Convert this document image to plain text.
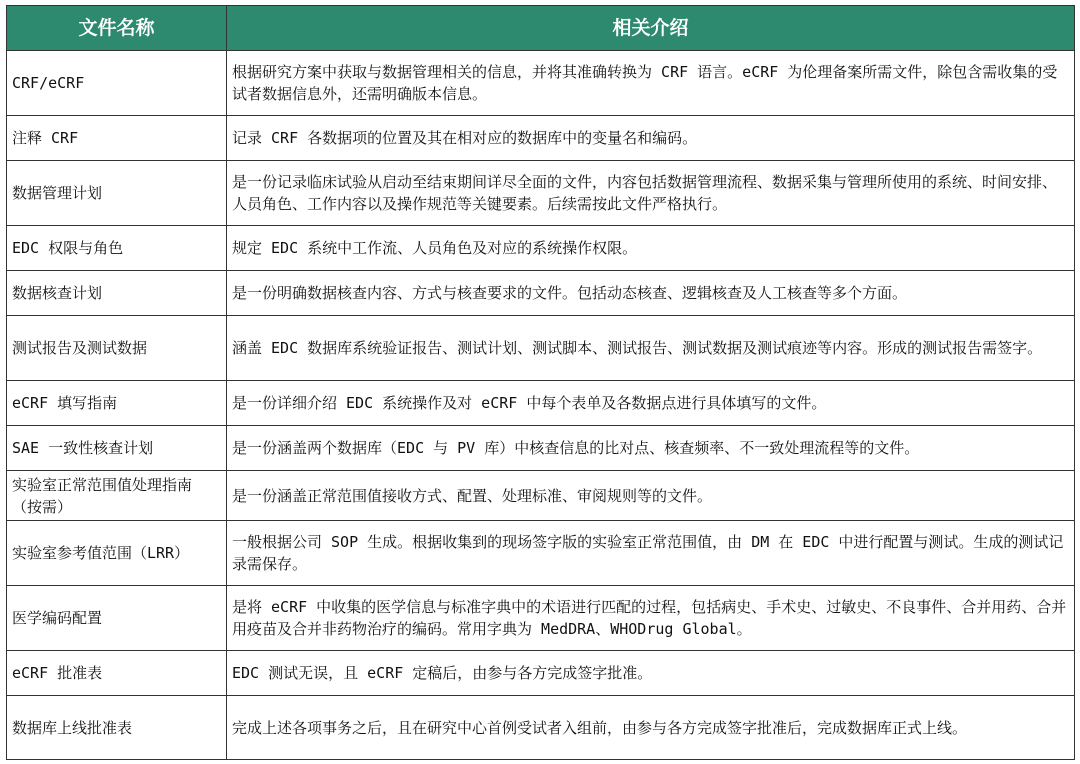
文件名称	相关介绍
CRF/eCRF	根据研究方案中获取与数据管理相关的信息，并将其准确转换为 CRF 语言。eCRF 为伦理备案所需文件，除包含需收集的受试者数据信息外，还需明确版本信息。
注释 CRF	记录 CRF 各数据项的位置及其在相对应的数据库中的变量名和编码。
数据管理计划	是一份记录临床试验从启动至结束期间详尽全面的文件，内容包括数据管理流程、数据采集与管理所使用的系统、时间安排、人员角色、工作内容以及操作规范等关键要素。后续需按此文件严格执行。
EDC 权限与角色	规定 EDC 系统中工作流、人员角色及对应的系统操作权限。
数据核查计划	是一份明确数据核查内容、方式与核查要求的文件。包括动态核查、逻辑核查及人工核查等多个方面。
测试报告及测试数据	涵盖 EDC 数据库系统验证报告、测试计划、测试脚本、测试报告、测试数据及测试痕迹等内容。形成的测试报告需签字。
eCRF 填写指南	是一份详细介绍 EDC 系统操作及对 eCRF 中每个表单及各数据点进行具体填写的文件。
SAE 一致性核查计划	是一份涵盖两个数据库（EDC 与 PV 库）中核查信息的比对点、核查频率、不一致处理流程等的文件。
实验室正常范围值处理指南（按需）	是一份涵盖正常范围值接收方式、配置、处理标准、审阅规则等的文件。
实验室参考值范围（LRR）	一般根据公司 SOP 生成。根据收集到的现场签字版的实验室正常范围值，由 DM 在 EDC 中进行配置与测试。生成的测试记录需保存。
医学编码配置	是将 eCRF 中收集的医学信息与标准字典中的术语进行匹配的过程，包括病史、手术史、过敏史、不良事件、合并用药、合并用疫苗及合并非药物治疗的编码。常用字典为 MedDRA、WHODrug Global。
eCRF 批准表	EDC 测试无误，且 eCRF 定稿后，由参与各方完成签字批准。
数据库上线批准表	完成上述各项事务之后，且在研究中心首例受试者入组前，由参与各方完成签字批准后，完成数据库正式上线。
